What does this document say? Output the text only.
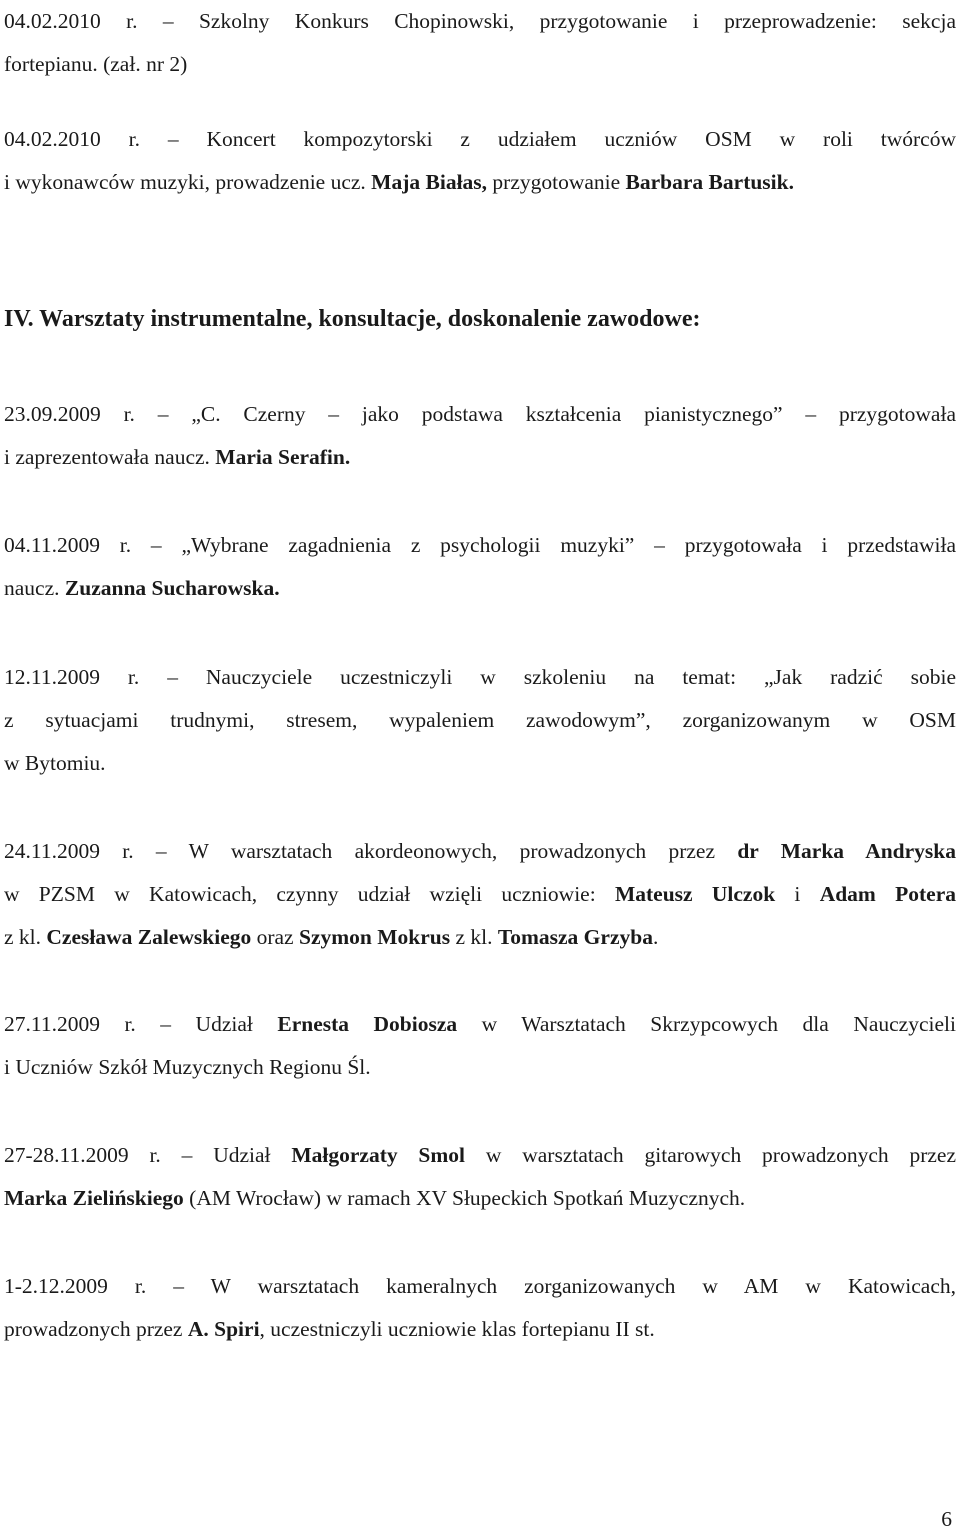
04.02.2010 r. – Szkolny Konkurs Chopinowski, przygotowanie i przeprowadzenie: sekcja
fortepianu. (zał. nr 2)
04.02.2010 r. – Koncert kompozytorski z udziałem uczniów OSM w roli twórców
i wykonawców muzyki, prowadzenie ucz. Maja Białas, przygotowanie Barbara Bartusik.
IV. Warsztaty instrumentalne, konsultacje, doskonalenie zawodowe:
23.09.2009 r. – „C. Czerny – jako podstawa kształcenia pianistycznego” – przygotowała
i zaprezentowała naucz. Maria Serafin.
04.11.2009 r. – „Wybrane zagadnienia z psychologii muzyki” – przygotowała i przedstawiła
naucz. Zuzanna Sucharowska.
12.11.2009 r. – Nauczyciele uczestniczyli w szkoleniu na temat: „Jak radzić sobie
z sytuacjami trudnymi, stresem, wypaleniem zawodowym”, zorganizowanym w OSM
w Bytomiu.
24.11.2009 r. – W warsztatach akordeonowych, prowadzonych przez dr Marka Andryska
w PZSM w Katowicach, czynny udział wzięli uczniowie: Mateusz Ulczok i Adam Potera
z kl. Czesława Zalewskiego oraz Szymon Mokrus z kl. Tomasza Grzyba.
27.11.2009 r. – Udział Ernesta Dobiosza w Warsztatach Skrzypcowych dla Nauczycieli
i Uczniów Szkół Muzycznych Regionu Śl.
27-28.11.2009 r. – Udział Małgorzaty Smol w warsztatach gitarowych prowadzonych przez
Marka Zielińskiego (AM Wrocław) w ramach XV Słupeckich Spotkań Muzycznych.
1-2.12.2009 r. – W warsztatach kameralnych zorganizowanych w AM w Katowicach,
prowadzonych przez A. Spiri, uczestniczyli uczniowie klas fortepianu II st.
6
